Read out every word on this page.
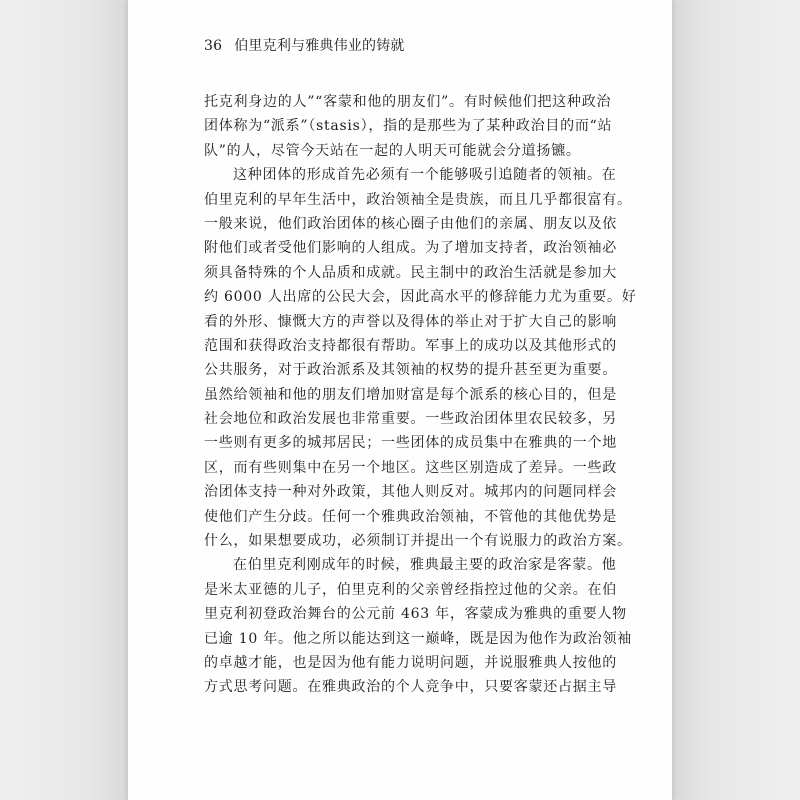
36 伯里克利与雅典伟业的铸就
托克利身边的人”“客蒙和他的朋友们”。有时候他们把这种政治
团体称为“派系”（stasis），指的是那些为了某种政治目的而“站
队”的人，尽管今天站在一起的人明天可能就会分道扬镳。
这种团体的形成首先必须有一个能够吸引追随者的领袖。在
伯里克利的早年生活中，政治领袖全是贵族，而且几乎都很富有。
一般来说，他们政治团体的核心圈子由他们的亲属、朋友以及依
附他们或者受他们影响的人组成。为了增加支持者，政治领袖必
须具备特殊的个人品质和成就。民主制中的政治生活就是参加大
约 6000 人出席的公民大会，因此高水平的修辞能力尤为重要。好
看的外形、慷慨大方的声誉以及得体的举止对于扩大自己的影响
范围和获得政治支持都很有帮助。军事上的成功以及其他形式的
公共服务，对于政治派系及其领袖的权势的提升甚至更为重要。
虽然给领袖和他的朋友们增加财富是每个派系的核心目的，但是
社会地位和政治发展也非常重要。一些政治团体里农民较多，另
一些则有更多的城邦居民；一些团体的成员集中在雅典的一个地
区，而有些则集中在另一个地区。这些区别造成了差异。一些政
治团体支持一种对外政策，其他人则反对。城邦内的问题同样会
使他们产生分歧。任何一个雅典政治领袖，不管他的其他优势是
什么，如果想要成功，必须制订并提出一个有说服力的政治方案。
在伯里克利刚成年的时候，雅典最主要的政治家是客蒙。他
是米太亚德的儿子，伯里克利的父亲曾经指控过他的父亲。在伯
里克利初登政治舞台的公元前 463 年，客蒙成为雅典的重要人物
已逾 10 年。他之所以能达到这一巅峰，既是因为他作为政治领袖
的卓越才能，也是因为他有能力说明问题，并说服雅典人按他的
方式思考问题。在雅典政治的个人竞争中，只要客蒙还占据主导
